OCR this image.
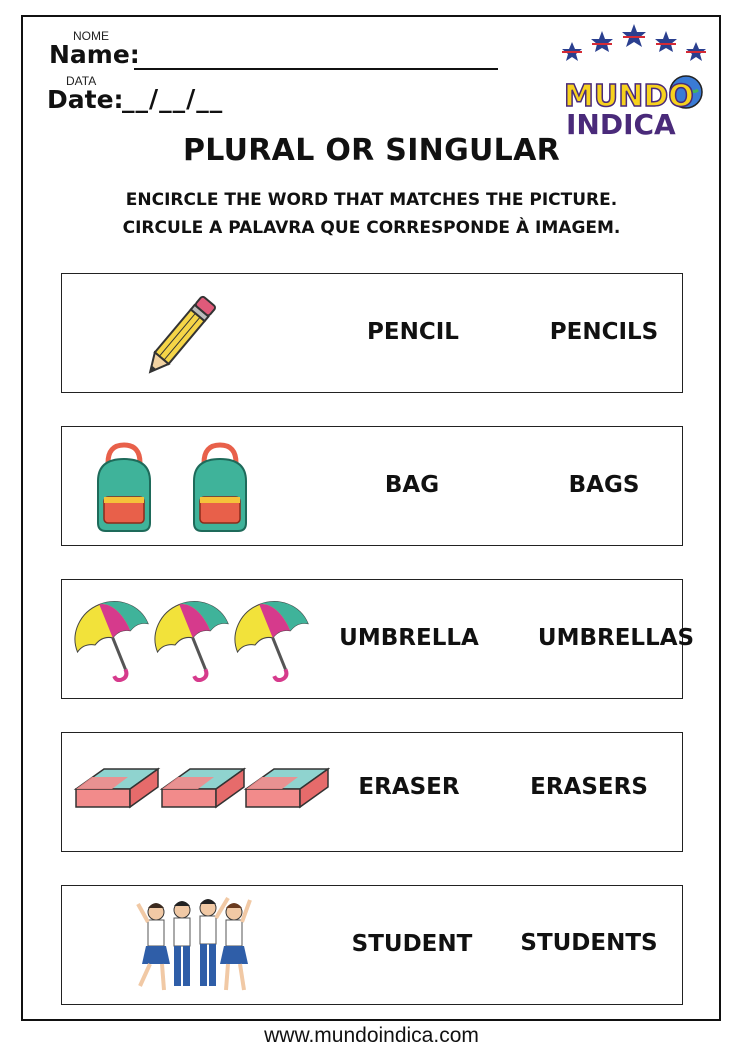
NOME
Name:
DATA
Date:
__/__/__	MUNDO
INDICA
PLURAL OR SINGULAR
ENCIRCLE THE WORD THAT MATCHES THE PICTURE.
CIRCULE A PALAVRA QUE CORRESPONDE À IMAGEM.
PENCIL	PENCILS
BAG	BAGS
UMBRELLA	UMBRELLAS
ERASER	ERASERS
STUDENT STUDENTS
www.mundoindica.com
